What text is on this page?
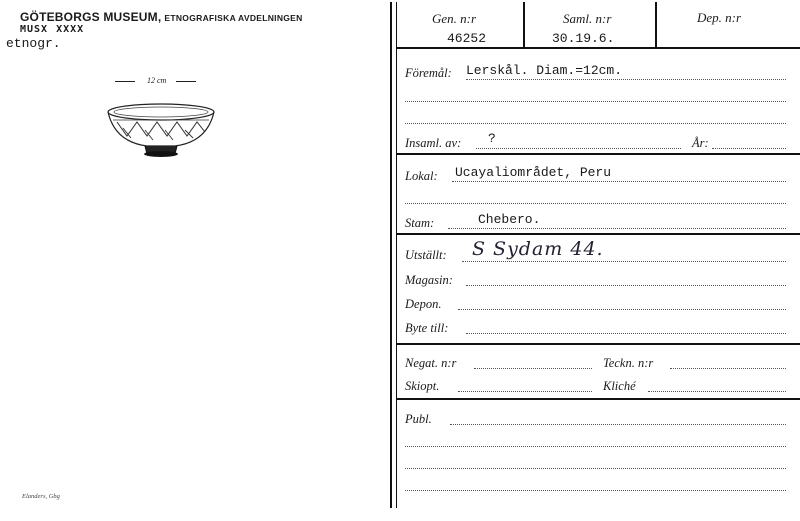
GÖTEBORGS MUSEUM, ETNOGRAFISKA AVDELNINGEN
MUSX XXXX
etnogr.
12 cm
Elanders, Gbg
Gen. n:r
46252
Saml. n:r
30.19.6.
Dep. n:r
Föremål: Lerskål. Diam.=12cm.
Insaml. av: ?	År:
Lokal: Ucayaliområdet, Peru
Stam:	Chebero.
Utställt: S Sydam 44.
Magasin:
Depon.
Byte till:
Negat. n:r	Teckn. n:r
Skiopt.	Kliché
Publ.
